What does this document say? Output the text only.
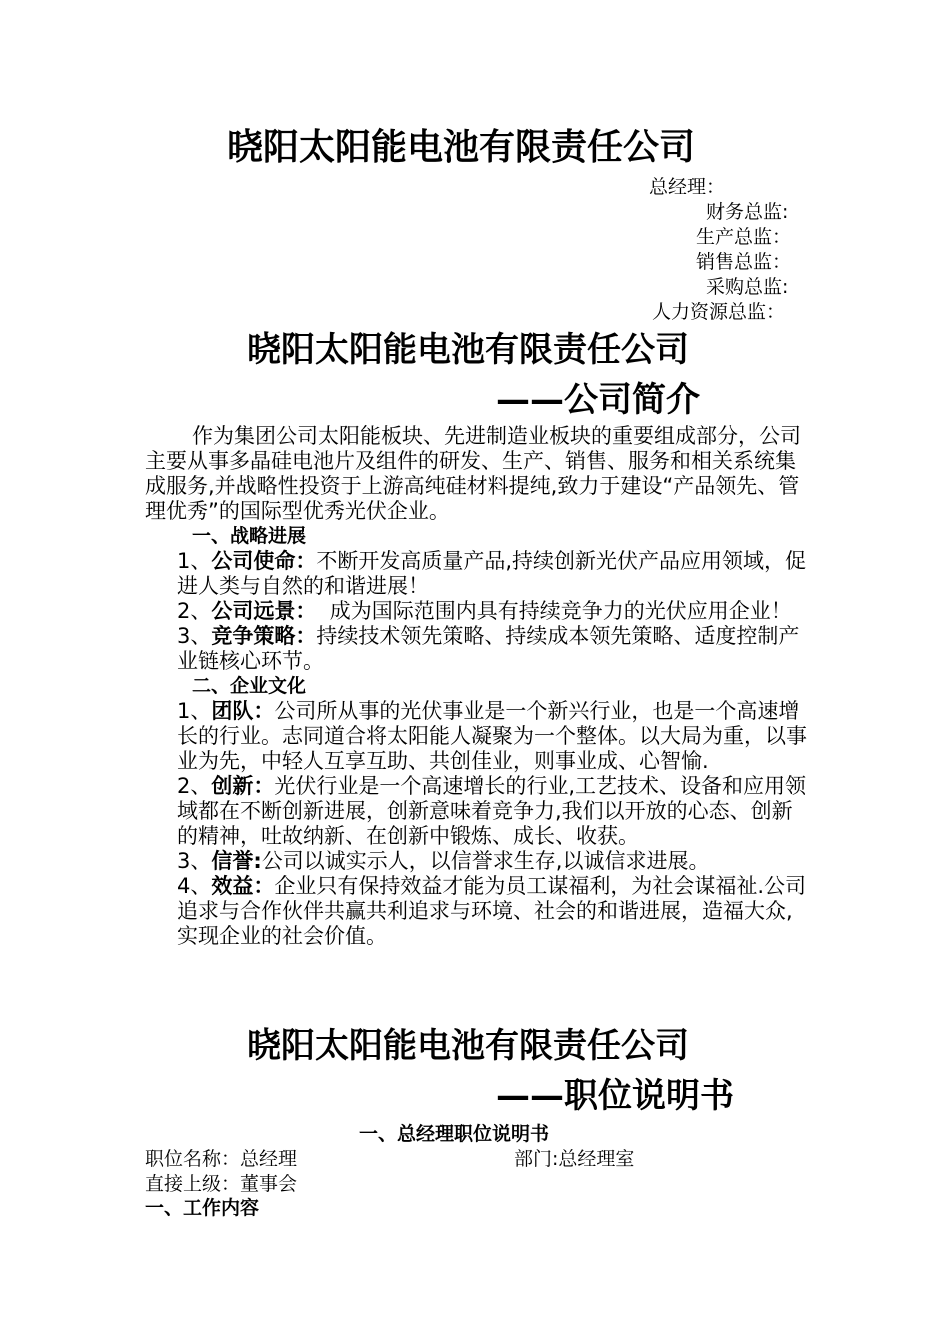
晓阳太阳能电池有限责任公司
总经理：
财务总监:
生产总监：
销售总监：
采购总监:
人力资源总监：
晓阳太阳能电池有限责任公司
——公司简介

作为集团公司太阳能板块、先进制造业板块的重要组成部分，公司主要从事多晶硅电池片及组件的研发、生产、销售、服务和相关系统集成服务,并战略性投资于上游高纯硅材料提纯,致力于建设“产品领先、管理优秀”的国际型优秀光伏企业。

一、战略进展

1、公司使命：不断开发高质量产品,持续创新光伏产品应用领域，促进人类与自然的和谐进展！

2、公司远景：  成为国际范围内具有持续竞争力的光伏应用企业！

3、竞争策略：持续技术领先策略、持续成本领先策略、适度控制产业链核心环节。

二、企业文化

1、团队：公司所从事的光伏事业是一个新兴行业，也是一个高速增长的行业。志同道合将太阳能人凝聚为一个整体。以大局为重，以事业为先，中轻人互享互助、共创佳业，则事业成、心智愉.

2、创新：光伏行业是一个高速增长的行业,工艺技术、设备和应用领域都在不断创新进展，创新意味着竞争力,我们以开放的心态、创新的精神，吐故纳新、在创新中锻炼、成长、收获。

3、信誉:公司以诚实示人，以信誉求生存,以诚信求进展。

4、效益：企业只有保持效益才能为员工谋福利，为社会谋福祉.公司追求与合作伙伴共赢共利追求与环境、社会的和谐进展，造福大众,实现企业的社会价值。

晓阳太阳能电池有限责任公司
——职位说明书
一、总经理职位说明书
职位名称：总经理	部门:总经理室
直接上级：董事会
一、工作内容
